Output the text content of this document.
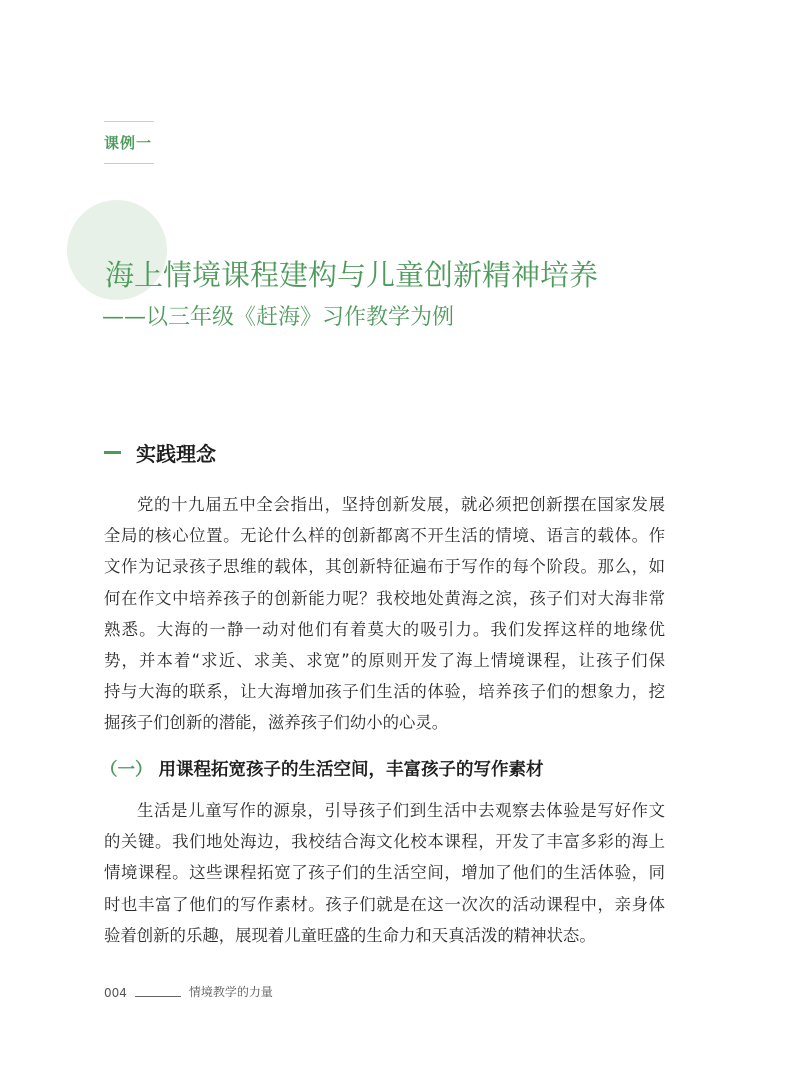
课例一
海上情境课程建构与儿童创新精神培养
——以三年级《赶海》习作教学为例
实践理念
党的十九届五中全会指出，坚持创新发展，就必须把创新摆在国家发展
全局的核心位置。无论什么样的创新都离不开生活的情境、语言的载体。作
文作为记录孩子思维的载体，其创新特征遍布于写作的每个阶段。那么，如
何在作文中培养孩子的创新能力呢？我校地处黄海之滨，孩子们对大海非常
熟悉。大海的一静一动对他们有着莫大的吸引力。我们发挥这样的地缘优
势，并本着“求近、求美、求宽”的原则开发了海上情境课程，让孩子们保
持与大海的联系，让大海增加孩子们生活的体验，培养孩子们的想象力，挖
掘孩子们创新的潜能，滋养孩子们幼小的心灵。
（一） 用课程拓宽孩子的生活空间，丰富孩子的写作素材
生活是儿童写作的源泉，引导孩子们到生活中去观察去体验是写好作文
的关键。我们地处海边，我校结合海文化校本课程，开发了丰富多彩的海上
情境课程。这些课程拓宽了孩子们的生活空间，增加了他们的生活体验，同
时也丰富了他们的写作素材。孩子们就是在这一次次的活动课程中，亲身体
验着创新的乐趣，展现着儿童旺盛的生命力和天真活泼的精神状态。
004	情境教学的力量
